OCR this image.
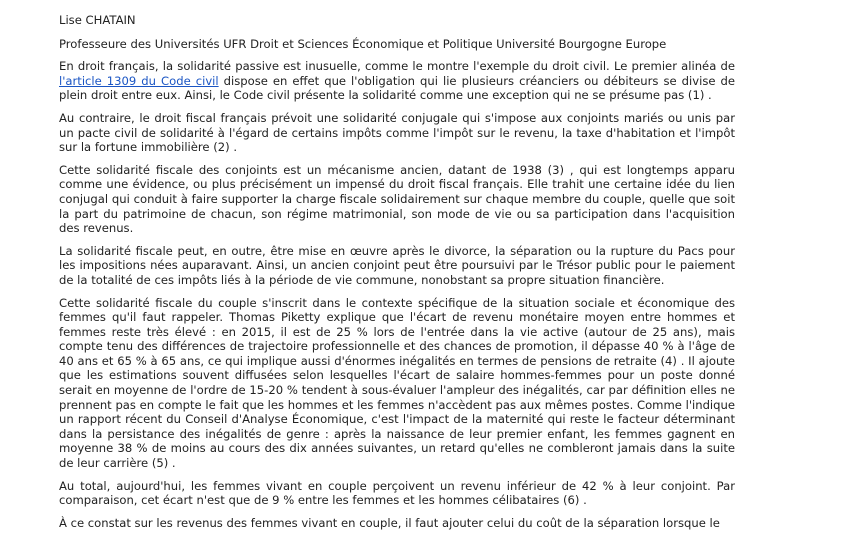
Lise CHATAIN
Professeure des Universités UFR Droit et Sciences Économique et Politique Université Bourgogne Europe

En droit français, la solidarité passive est inusuelle, comme le montre l'exemple du droit civil. Le premier alinéa de l'article 1309 du Code civil dispose en effet que l'obligation qui lie plusieurs créanciers ou débiteurs se divise de plein droit entre eux. Ainsi, le Code civil présente la solidarité comme une exception qui ne se présume pas (1) .

Au contraire, le droit fiscal français prévoit une solidarité conjugale qui s'impose aux conjoints mariés ou unis par un pacte civil de solidarité à l'égard de certains impôts comme l'impôt sur le revenu, la taxe d'habitation et l'impôt sur la fortune immobilière (2) .

Cette solidarité fiscale des conjoints est un mécanisme ancien, datant de 1938 (3) , qui est longtemps apparu comme une évidence, ou plus précisément un impensé du droit fiscal français. Elle trahit une certaine idée du lien conjugal qui conduit à faire supporter la charge fiscale solidairement sur chaque membre du couple, quelle que soit la part du patrimoine de chacun, son régime matrimonial, son mode de vie ou sa participation dans l'acquisition des revenus.

La solidarité fiscale peut, en outre, être mise en œuvre après le divorce, la séparation ou la rupture du Pacs pour les impositions nées auparavant. Ainsi, un ancien conjoint peut être poursuivi par le Trésor public pour le paiement de la totalité de ces impôts liés à la période de vie commune, nonobstant sa propre situation financière.

Cette solidarité fiscale du couple s'inscrit dans le contexte spécifique de la situation sociale et économique des femmes qu'il faut rappeler. Thomas Piketty explique que l'écart de revenu monétaire moyen entre hommes et femmes reste très élevé : en 2015, il est de 25 % lors de l'entrée dans la vie active (autour de 25 ans), mais compte tenu des différences de trajectoire professionnelle et des chances de promotion, il dépasse 40 % à l'âge de 40 ans et 65 % à 65 ans, ce qui implique aussi d'énormes inégalités en termes de pensions de retraite (4) . Il ajoute que les estimations souvent diffusées selon lesquelles l'écart de salaire hommes-femmes pour un poste donné serait en moyenne de l'ordre de 15-20 % tendent à sous-évaluer l'ampleur des inégalités, car par définition elles ne prennent pas en compte le fait que les hommes et les femmes n'accèdent pas aux mêmes postes. Comme l'indique un rapport récent du Conseil d'Analyse Économique, c'est l'impact de la maternité qui reste le facteur déterminant dans la persistance des inégalités de genre : après la naissance de leur premier enfant, les femmes gagnent en moyenne 38 % de moins au cours des dix années suivantes, un retard qu'elles ne combleront jamais dans la suite de leur carrière (5) .

Au total, aujourd'hui, les femmes vivant en couple perçoivent un revenu inférieur de 42 % à leur conjoint. Par comparaison, cet écart n'est que de 9 % entre les femmes et les hommes célibataires (6) .

À ce constat sur les revenus des femmes vivant en couple, il faut ajouter celui du coût de la séparation lorsque le
